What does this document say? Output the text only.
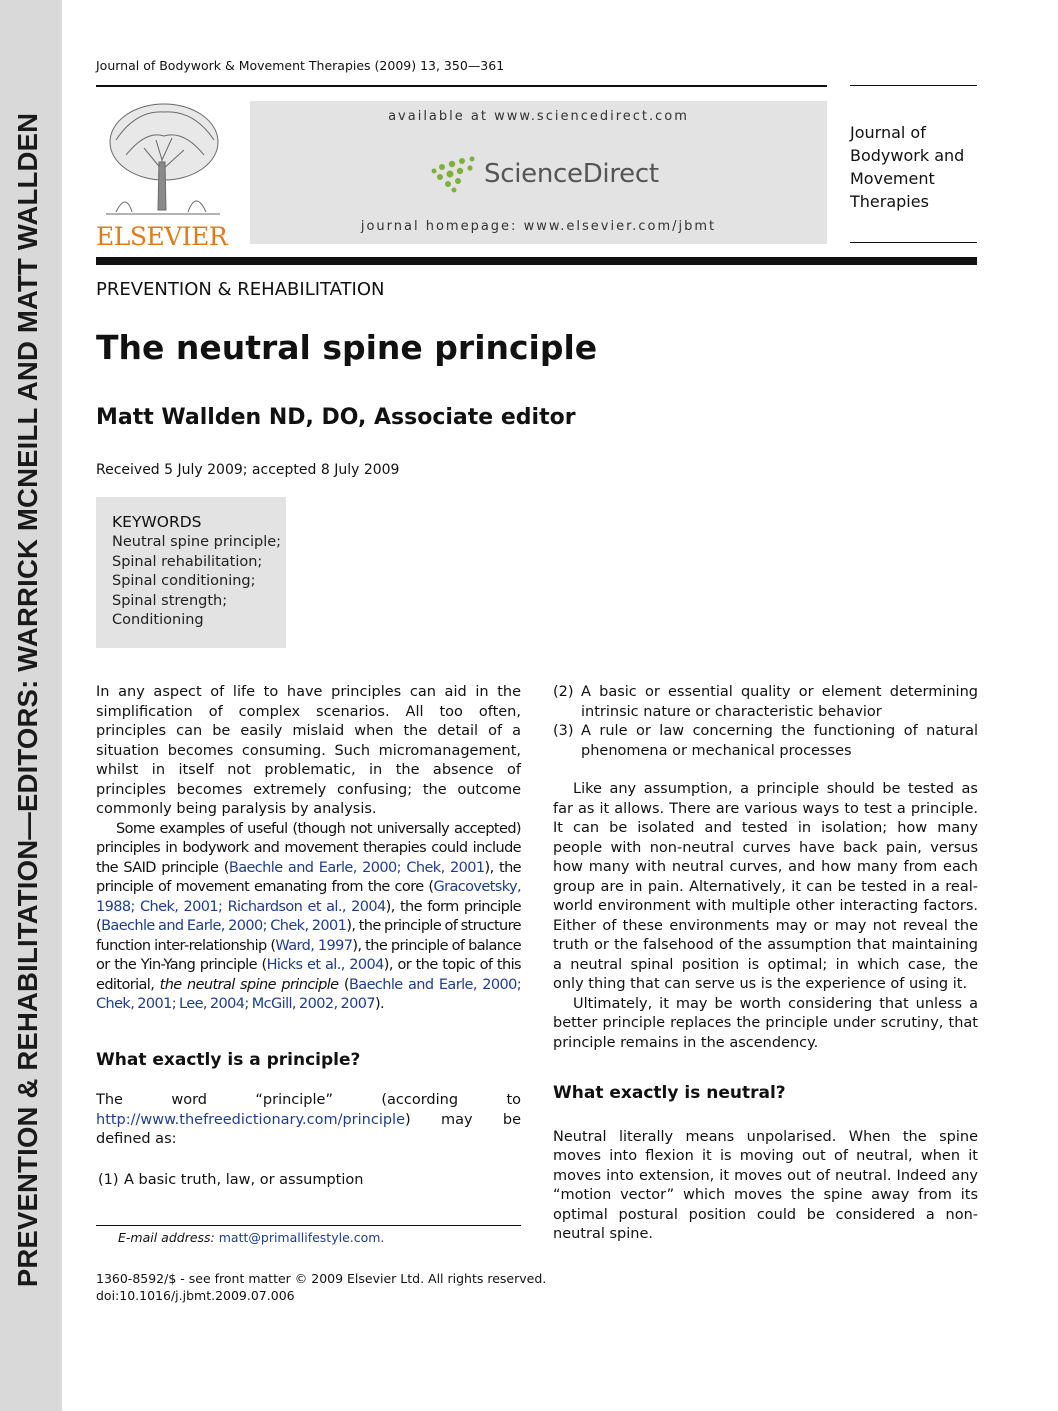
PREVENTION & REHABILITATION—EDITORS: WARRICK MCNEILL AND MATT WALLDEN
Journal of Bodywork & Movement Therapies (2009) 13, 350—361
ELSEVIER
available at www.sciencedirect.com
ScienceDirect
journal homepage: www.elsevier.com/jbmt
Journal of
Bodywork and
Movement
Therapies
PREVENTION & REHABILITATION
The neutral spine principle
Matt Wallden ND, DO, Associate editor
Received 5 July 2009; accepted 8 July 2009
KEYWORDS
Neutral spine principle;
Spinal rehabilitation;
Spinal conditioning;
Spinal strength;
Conditioning

In any aspect of life to have principles can aid in the simplification of complex scenarios. All too often, principles can be easily mislaid when the detail of a situation becomes consuming. Such micromanagement, whilst in itself not problematic, in the absence of principles becomes extremely confusing; the outcome commonly being paralysis by analysis.

Some examples of useful (though not universally accepted) principles in bodywork and movement therapies could include the SAID principle (Baechle and Earle, 2000; Chek, 2001), the principle of movement emanating from the core (Gracovetsky, 1988; Chek, 2001; Richardson et al., 2004), the form principle (Baechle and Earle, 2000; Chek, 2001), the principle of structure function inter-relationship (Ward, 1997), the principle of balance or the Yin-Yang principle (Hicks et al., 2004), or the topic of this editorial, the neutral spine principle (Baechle and Earle, 2000; Chek, 2001; Lee, 2004; McGill, 2002, 2007).

What exactly is a principle?

The word “principle” (according to http://www.thefreedictionary.com/principle) may be defined as:

(1) A basic truth, law, or assumption
E-mail address: matt@primallifestyle.com.
1360-8592/$ - see front matter © 2009 Elsevier Ltd. All rights reserved.
doi:10.1016/j.jbmt.2009.07.006
(2) A basic or essential quality or element determining intrinsic nature or characteristic behavior
(3) A rule or law concerning the functioning of natural phenomena or mechanical processes

Like any assumption, a principle should be tested as far as it allows. There are various ways to test a principle. It can be isolated and tested in isolation; how many people with non-neutral curves have back pain, versus how many with neutral curves, and how many from each group are in pain. Alternatively, it can be tested in a real-world environment with multiple other interacting factors. Either of these environments may or may not reveal the truth or the falsehood of the assumption that maintaining a neutral spinal position is optimal; in which case, the only thing that can serve us is the experience of using it.

Ultimately, it may be worth considering that unless a better principle replaces the principle under scrutiny, that principle remains in the ascendency.

What exactly is neutral?

Neutral literally means unpolarised. When the spine moves into flexion it is moving out of neutral, when it moves into extension, it moves out of neutral. Indeed any “motion vector” which moves the spine away from its optimal postural position could be considered a non-neutral spine.
